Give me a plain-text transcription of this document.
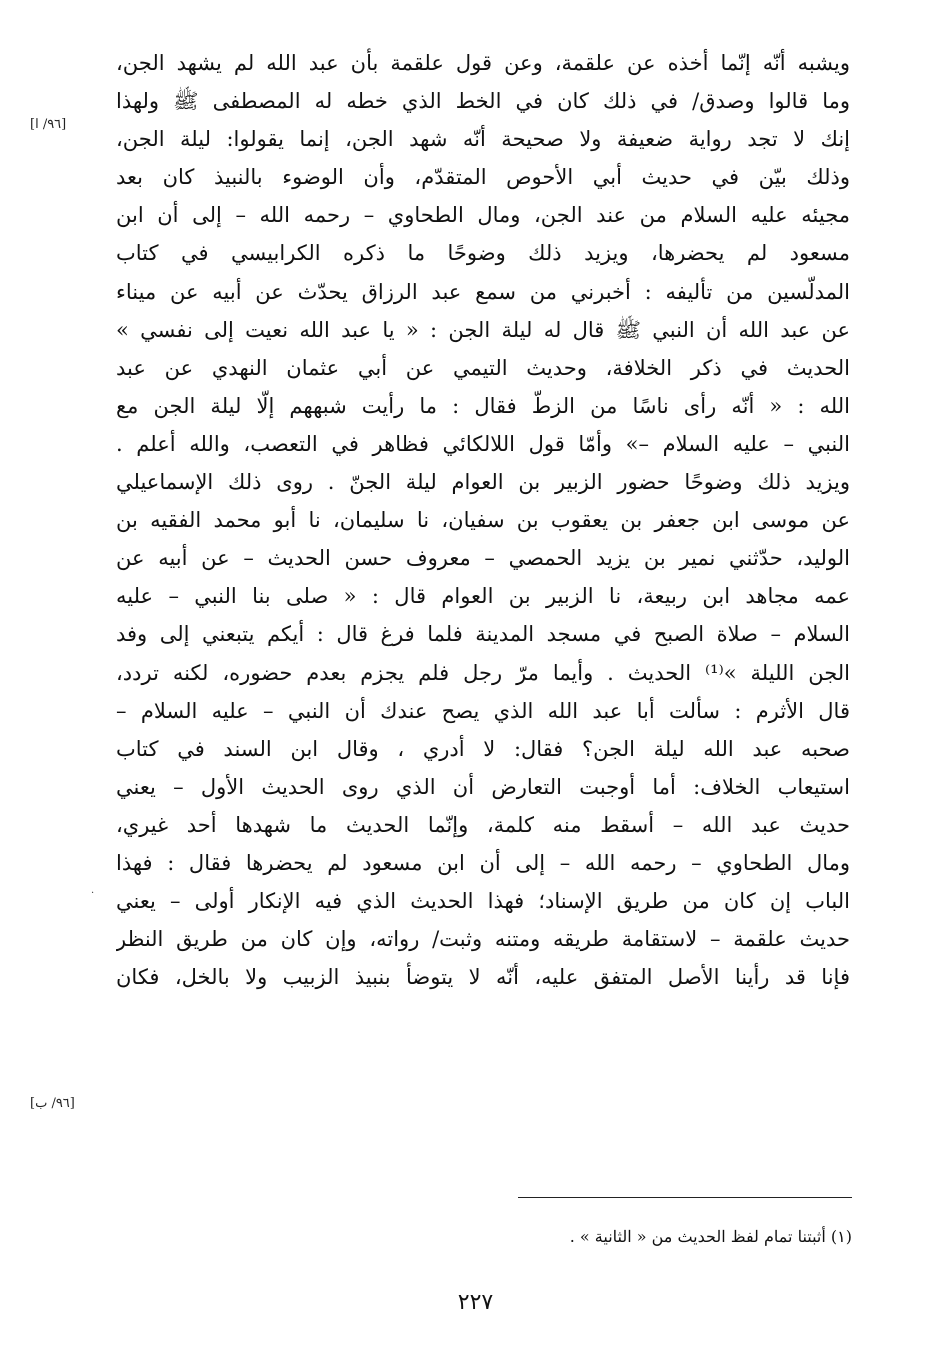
[٩٦/ ا]
[٩٦/ ب]
·
ويشبه أنّه إنّما أخذه عن علقمة، وعن قول علقمة بأن عبد الله لم يشهد الجن،
وما قالوا وصدق/ في ذلك كان في الخط الذي خطه له المصطفى ﷺ ولهذا
إنك لا تجد رواية ضعيفة ولا صحيحة أنّه شهد الجن، إنما يقولوا: ليلة الجن،
وذلك بيّن في حديث أبي الأحوص المتقدّم، وأن الوضوء بالنبيذ كان بعد
مجيئه عليه السلام من عند الجن، ومال الطحاوي – رحمه الله – إلى أن ابن
مسعود لم يحضرها، ويزيد ذلك وضوحًا ما ذكره الكرابيسي في كتاب
المدلّسين من تأليفه : أخبرني من سمع عبد الرزاق يحدّث عن أبيه عن ميناء
عن عبد الله أن النبي ﷺ قال له ليلة الجن : « يا عبد الله نعيت إلى نفسي »
الحديث في ذكر الخلافة، وحديث التيمي عن أبي عثمان النهدي عن عبد
الله : « أنّه رأى ناسًا من الزطّ فقال : ما رأيت شبههم إلّا ليلة الجن مع
النبي – عليه السلام –» وأمّا قول اللالكائي فظاهر في التعصب، والله أعلم .
ويزيد ذلك وضوحًا حضور الزبير بن العوام ليلة الجنّ . روى ذلك الإسماعيلي
عن موسى ابن جعفر بن يعقوب بن سفيان، نا سليمان، نا أبو محمد الفقيه بن
الوليد، حدّثني نمير بن يزيد الحمصي – معروف حسن الحديث – عن أبيه عن
عمه مجاهد ابن ربيعة، نا الزبير بن العوام قال : « صلى بنا النبي – عليه
السلام – صلاة الصبح في مسجد المدينة فلما فرغ قال : أيكم يتبعني إلى وفد
الجن الليلة »⁽¹⁾ الحديث . وأيما مرّ رجل فلم يجزم بعدم حضوره، لكنه تردد،
قال الأثرم : سألت أبا عبد الله الذي يصح عندك أن النبي – عليه السلام –
صحبه عبد الله ليلة الجن؟ فقال: لا أدري ، وقال ابن السند في كتاب
استيعاب الخلاف: أما أوجبت التعارض أن الذي روى الحديث الأول – يعني
حديث عبد الله – أسقط منه كلمة، وإنّما الحديث ما شهدها أحد غيري،
ومال الطحاوي – رحمه الله – إلى أن ابن مسعود لم يحضرها فقال : فهذا
الباب إن كان من طريق الإسناد؛ فهذا الحديث الذي فيه الإنكار أولى – يعني
حديث علقمة – لاستقامة طريقه ومتنه وثبت/ رواته، وإن كان من طريق النظر
فإنا قد رأينا الأصل المتفق عليه، أنّه لا يتوضأ بنبيذ الزبيب ولا بالخل، فكان
(١) أثبتنا تمام لفظ الحديث من « الثانية » .
٢٢٧
